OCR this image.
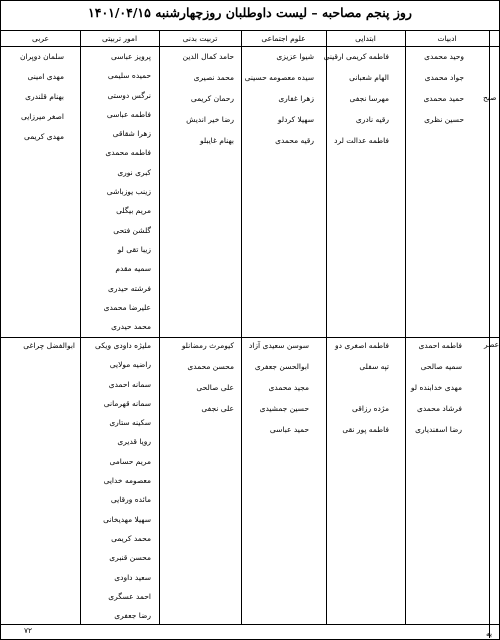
روز پنجم مصاحبه – لیست داوطلبان روزچهارشنبه ۱۴۰۱/۰۴/۱۵
ادبیات
ابتدایی
علوم اجتماعی
تربیت بدنی
امور تربیتی
عربی
صبح
عصر
وحید محمدی
جواد محمدی
حمید محمدی
حسین نظری
فاطمه کریمی ارقینی
الهام شعبانی
مهرسا نجفی
رقیه نادری
فاطمه عدالت لرد
شیوا عزیزی
سیده معصومه حسینی
زهرا غفاری
سهیلا کردلو
رقیه محمدی
حامد کمال الدین
محمد نصیری
رحمان کریمی
رضا خیر اندیش
بهنام غایبلو
پرویز عباسی
حمیده سلیمی
نرگس دوستی
فاطمه عباسی
زهرا شقاقی
فاطمه محمدی
کبری نوری
زینب یوزباشی
مریم بیگلی
گلشن فتحی
زیبا تقی لو
سمیه مقدم
فرشته حیدری
علیرضا محمدی
محمد حیدری
سلمان دوپران
مهدی امینی
بهنام قلندری
اصغر میرزایی
مهدی کریمی
فاطمه احمدی
سمیه صالحی
مهدی خدابنده لو
فرشاد محمدی
رضا اسفندیاری
فاطمه اصغری دو
تپه سفلی
مژده رزاقی
فاطمه پور نقی
سوسن سعیدی آزاد
ابوالحسن جعفری
مجید محمدی
حسین جمشیدی
حمید عباسی
کیومرث رمضانلو
محسن محمدی
علی صالحی
علی نجفی
ملیژه داودی ویکی
راضیه مولایی
سمانه احمدی
سمانه قهرمانی
سکینه ستاری
رویا قدیری
مریم حسامی
معصومه خدایی
مائده ورقایی
سهیلا مهدیخانی
محمد کریمی
محسن قنبری
سعید داودی
احمد عسگری
رضا جعفری
ابوالفضل چراغی
۷۲	یه
